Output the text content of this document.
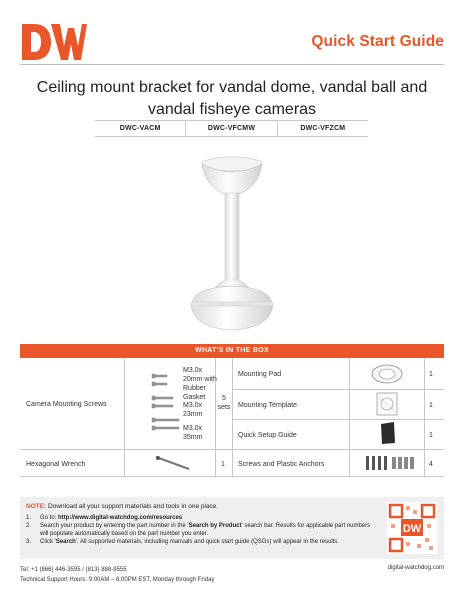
Quick Start Guide
Ceiling mount bracket for vandal dome, vandal ball and vandal fisheye cameras
DWC-VACM	DWC-VFCMW	DWC-VFZCM
WHAT'S IN THE BOX
Camera Mounting Screws
M3.0x 20mm with Rubber Gasket
M3.0x 23mm
M3.0x 35mm
5 sets
Mounting Pad	1
Mounting Template	1
Quick Setup Guide	1
Hexagonal Wrench	1 Screws and Plastic Anchors	4
NOTE: Download all your support materials and tools in one place.
1.	Go to: http://www.digital-watchdog.com/resources
2.	Search your product by entering the part number in the 'Search by Product' search bar. Results for applicable part numbers will populate automatically based on the part number you enter.
3.	Click 'Search'. All supported materials, including manuals and quick start guide (QSGs) will appear in the results.
DW
Tel: +1 (866) 446-3595 / (813) 888-9555
Technical Support Hours: 9:00AM – 8:00PM EST, Monday through Friday
digital-watchdog.com
